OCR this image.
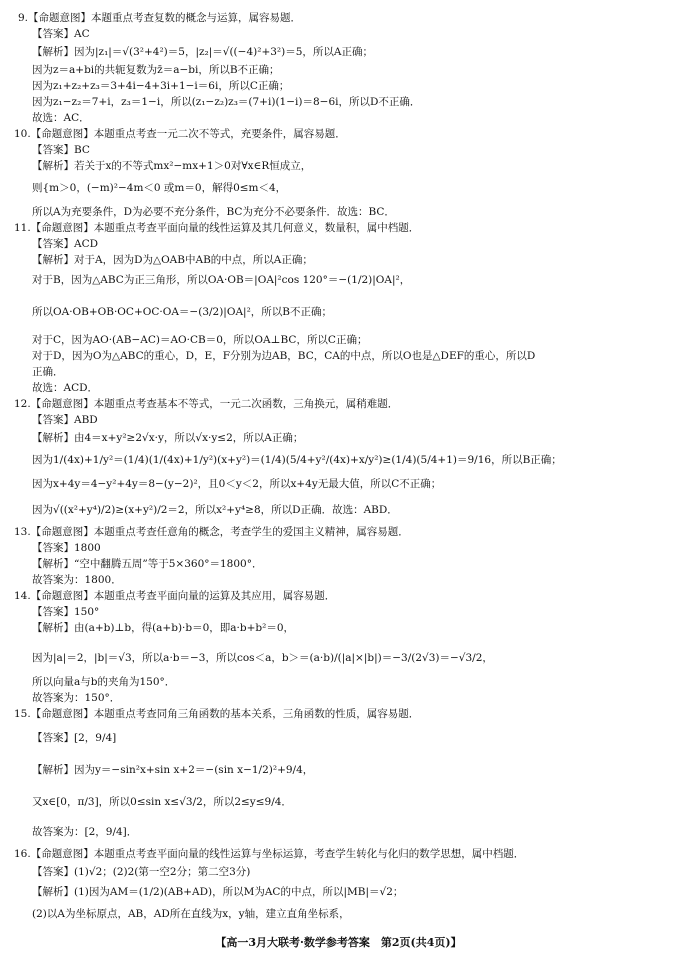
9.【命题意图】本题重点考查复数的概念与运算，属容易题．
【答案】AC
【解析】因为|z₁|＝√(3²+4²)＝5，|z₂|＝√((−4)²+3²)＝5，所以A正确；
因为z＝a+bi的共轭复数为z̄＝a−bi，所以B不正确；
因为z₁+z₂+z₃＝3+4i−4+3i+1−i＝6i，所以C正确；
因为z₁−z₂＝7+i，z₃＝1−i，所以(z₁−z₂)z₃＝(7+i)(1−i)＝8−6i，所以D不正确．
故选：AC．
10.【命题意图】本题重点考查一元二次不等式，充要条件，属容易题．
【答案】BC
【解析】若关于x的不等式mx²−mx+1＞0对∀x∈R恒成立，
则{m＞0，(−m)²−4m＜0 或m＝0，解得0≤m＜4，
所以A为充要条件，D为必要不充分条件，BC为充分不必要条件．故选：BC．
11.【命题意图】本题重点考查平面向量的线性运算及其几何意义，数量积，属中档题．
【答案】ACD
【解析】对于A，因为D为△OAB中AB的中点，所以A正确；
对于B，因为△ABC为正三角形，所以OA·OB＝|OA|²cos 120°＝−(1/2)|OA|²，
所以OA·OB+OB·OC+OC·OA＝−(3/2)|OA|²，所以B不正确；
对于C，因为AO·(AB−AC)＝AO·CB＝0，所以OA⊥BC，所以C正确；
对于D，因为O为△ABC的重心，D，E，F分别为边AB，BC，CA的中点，所以O也是△DEF的重心，所以D
正确．
故选：ACD．
12.【命题意图】本题重点考查基本不等式，一元二次函数，三角换元，属稍难题．
【答案】ABD
【解析】由4＝x+y²≥2√x·y，所以√x·y≤2，所以A正确；
因为1/(4x)+1/y²＝(1/4)(1/(4x)+1/y²)(x+y²)＝(1/4)(5/4+y²/(4x)+x/y²)≥(1/4)(5/4+1)＝9/16，所以B正确；
因为x+4y＝4−y²+4y＝8−(y−2)²，且0＜y＜2，所以x+4y无最大值，所以C不正确；
因为√((x²+y⁴)/2)≥(x+y²)/2＝2，所以x²+y⁴≥8，所以D正确．故选：ABD．
13.【命题意图】本题重点考查任意角的概念，考查学生的爱国主义精神，属容易题．
【答案】1800
【解析】“空中翻腾五周”等于5×360°＝1800°．
故答案为：1800．
14.【命题意图】本题重点考查平面向量的运算及其应用，属容易题．
【答案】150°
【解析】由(a+b)⊥b，得(a+b)·b＝0，即a·b+b²＝0，
因为|a|＝2，|b|＝√3，所以a·b＝−3，所以cos＜a，b＞＝(a·b)/(|a|×|b|)＝−3/(2√3)＝−√3/2，
所以向量a与b的夹角为150°．
故答案为：150°．
15.【命题意图】本题重点考查同角三角函数的基本关系，三角函数的性质，属容易题．
【答案】[2，9/4]
【解析】因为y＝−sin²x+sin x+2＝−(sin x−1/2)²+9/4，
又x∈[0，π/3]，所以0≤sin x≤√3/2，所以2≤y≤9/4．
故答案为：[2，9/4]．
16.【命题意图】本题重点考查平面向量的线性运算与坐标运算，考查学生转化与化归的数学思想，属中档题．
【答案】(1)√2；(2)2(第一空2分；第二空3分)
【解析】(1)因为AM＝(1/2)(AB+AD)，所以M为AC的中点，所以|MB|＝√2；
(2)以A为坐标原点，AB，AD所在直线为x，y轴，建立直角坐标系，
【高一3月大联考·数学参考答案　第2页(共4页)】
